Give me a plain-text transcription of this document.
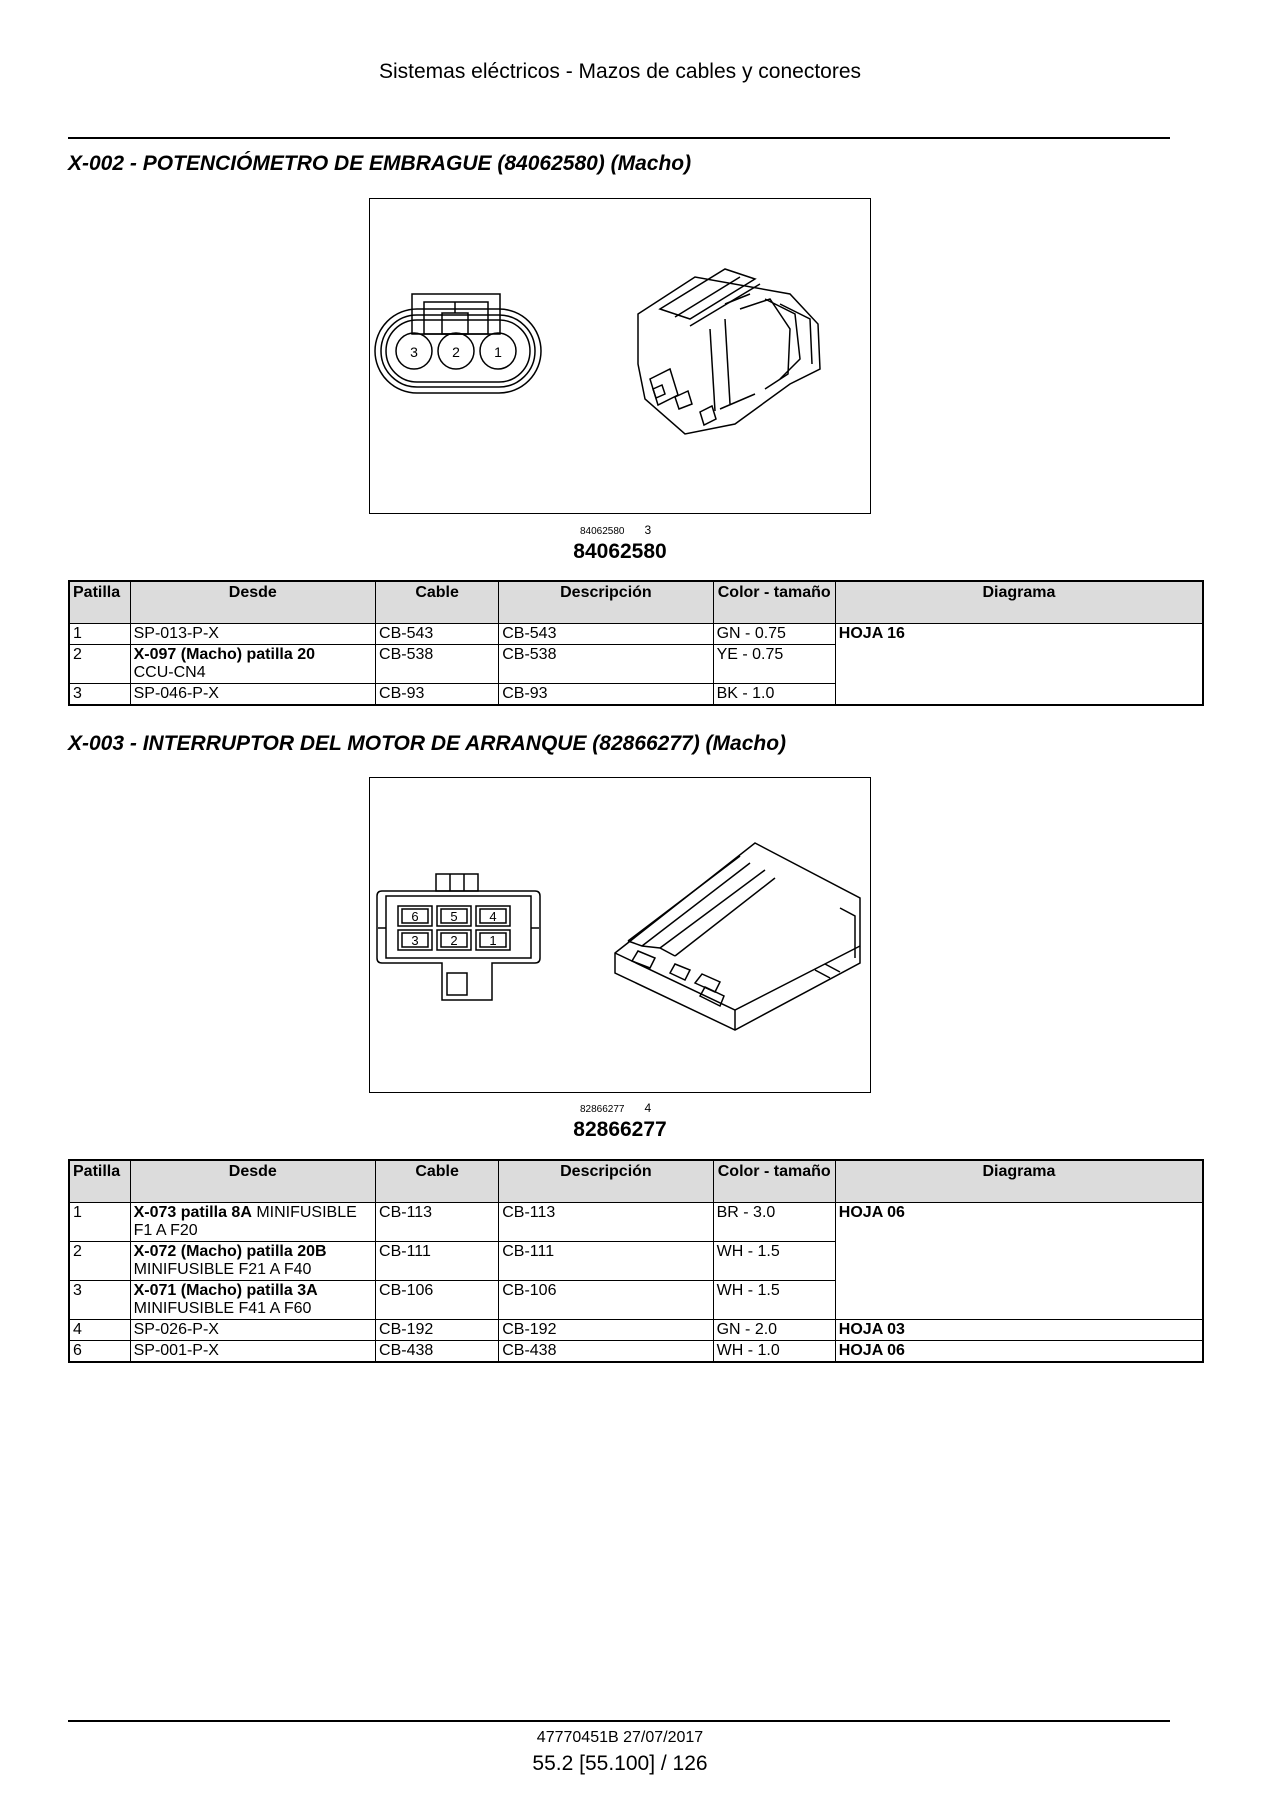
Sistemas eléctricos - Mazos de cables y conectores
X-002 - POTENCIÓMETRO DE EMBRAGUE (84062580) (Macho)
3 2 1
84062580 3
84062580
Patilla	Desde	Cable	Descripción	Color - tamaño	Diagrama
1	SP-013-P-X	CB-543	CB-543	GN - 0.75	HOJA 16
2	X-097 (Macho) patilla 20
CCU-CN4	CB-538	CB-538	YE - 0.75	
3	SP-046-P-X	CB-93	CB-93	BK - 1.0	
X-003 - INTERRUPTOR DEL MOTOR DE ARRANQUE (82866277) (Macho)
6 5 4
3 2 1
82866277 4
82866277
Patilla	Desde	Cable	Descripción	Color - tamaño	Diagrama
1	X-073 patilla 8A MINIFUSIBLE F1 A F20	CB-113	CB-113	BR - 3.0	HOJA 06
2	X-072 (Macho) patilla 20B
MINIFUSIBLE F21 A F40	CB-111	CB-111	WH - 1.5	
3	X-071 (Macho) patilla 3A
MINIFUSIBLE F41 A F60	CB-106	CB-106	WH - 1.5	
4	SP-026-P-X	CB-192	CB-192	GN - 2.0	HOJA 03
6	SP-001-P-X	CB-438	CB-438	WH - 1.0	HOJA 06
47770451B 27/07/2017
55.2 [55.100] / 126
